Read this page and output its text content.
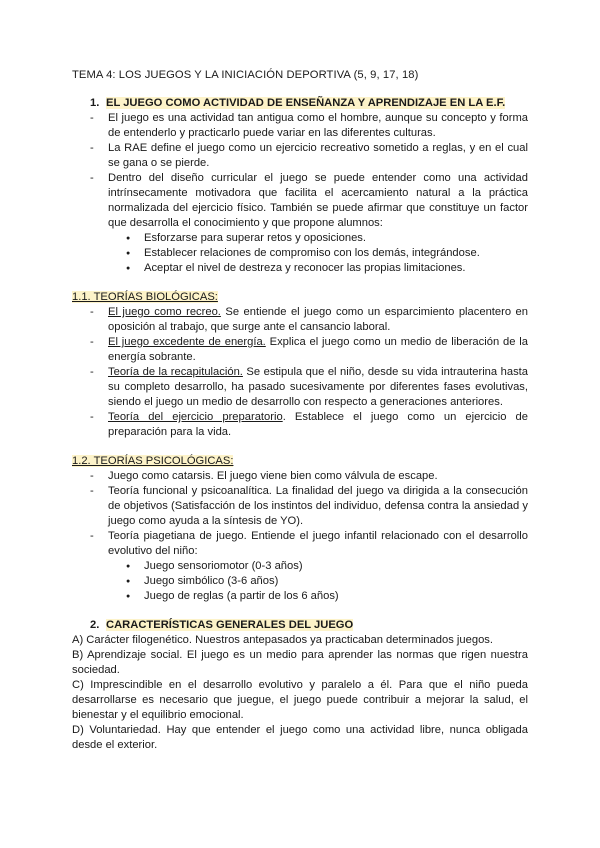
TEMA 4: LOS JUEGOS Y LA INICIACIÓN DEPORTIVA (5, 9, 17, 18)
1. EL JUEGO COMO ACTIVIDAD DE ENSEÑANZA Y APRENDIZAJE EN LA E.F.
- El juego es una actividad tan antigua como el hombre, aunque su concepto y forma de entenderlo y practicarlo puede variar en las diferentes culturas.
- La RAE define el juego como un ejercicio recreativo sometido a reglas, y en el cual se gana o se pierde.
- Dentro del diseño curricular el juego se puede entender como una actividad intrínsecamente motivadora que facilita el acercamiento natural a la práctica normalizada del ejercicio físico. También se puede afirmar que constituye un factor que desarrolla el conocimiento y que propone alumnos:
● Esforzarse para superar retos y oposiciones.
● Establecer relaciones de compromiso con los demás, integrándose.
● Aceptar el nivel de destreza y reconocer las propias limitaciones.
1.1. TEORÍAS BIOLÓGICAS:
- El juego como recreo. Se entiende el juego como un esparcimiento placentero en oposición al trabajo, que surge ante el cansancio laboral.
- El juego excedente de energía. Explica el juego como un medio de liberación de la energía sobrante.
- Teoría de la recapitulación. Se estipula que el niño, desde su vida intrauterina hasta su completo desarrollo, ha pasado sucesivamente por diferentes fases evolutivas, siendo el juego un medio de desarrollo con respecto a generaciones anteriores.
- Teoría del ejercicio preparatorio. Establece el juego como un ejercicio de preparación para la vida.
1.2. TEORÍAS PSICOLÓGICAS:
- Juego como catarsis. El juego viene bien como válvula de escape.
- Teoría funcional y psicoanalítica. La finalidad del juego va dirigida a la consecución de objetivos (Satisfacción de los instintos del individuo, defensa contra la ansiedad y juego como ayuda a la síntesis de YO).
- Teoría piagetiana de juego. Entiende el juego infantil relacionado con el desarrollo evolutivo del niño:
● Juego sensoriomotor (0-3 años)
● Juego simbólico (3-6 años)
● Juego de reglas (a partir de los 6 años)
2. CARACTERÍSTICAS GENERALES DEL JUEGO

A) Carácter filogenético. Nuestros antepasados ya practicaban determinados juegos.

B) Aprendizaje social. El juego es un medio para aprender las normas que rigen nuestra sociedad.

C) Imprescindible en el desarrollo evolutivo y paralelo a él. Para que el niño pueda desarrollarse es necesario que juegue, el juego puede contribuir a mejorar la salud, el bienestar y el equilibrio emocional.

D) Voluntariedad. Hay que entender el juego como una actividad libre, nunca obligada desde el exterior.
